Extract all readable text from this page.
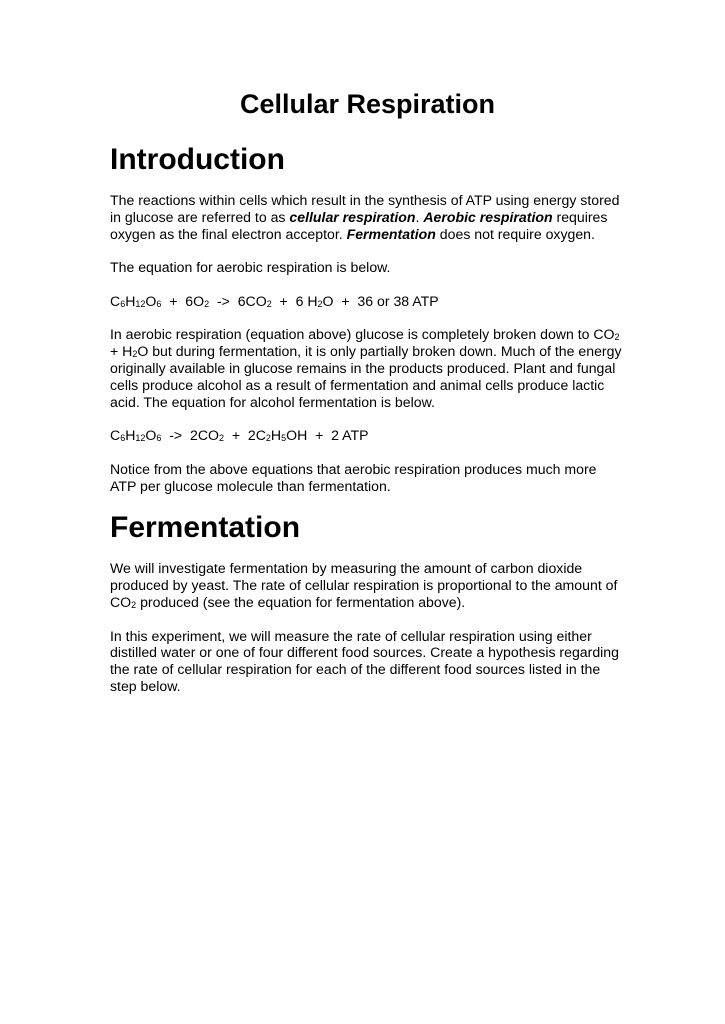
Cellular Respiration
Introduction

The reactions within cells which result in the synthesis of ATP using energy stored in glucose are referred to as cellular respiration. Aerobic respiration requires oxygen as the final electron acceptor. Fermentation does not require oxygen.

The equation for aerobic respiration is below.

$C_6H_{12}O_6 + 6O_2 -> 6CO_2 + 6$ $H_2O + 36$ or 38 ATP

In aerobic respiration (equation above) glucose is completely broken down to $CO_2 + H_2O$ but during fermentation, it is only partially broken down. Much of the energy originally available in glucose remains in the products produced. Plant and fungal cells produce alcohol as a result of fermentation and animal cells produce lactic acid. The equation for alcohol fermentation is below.

$C_6H_{12}O_6 -> 2CO_2 + 2C_2H_5OH + 2$ ATP

Notice from the above equations that aerobic respiration produces much more ATP per glucose molecule than fermentation.

Fermentation

We will investigate fermentation by measuring the amount of carbon dioxide produced by yeast. The rate of cellular respiration is proportional to the amount of $CO_2$ produced (see the equation for fermentation above).

In this experiment, we will measure the rate of cellular respiration using either distilled water or one of four different food sources. Create a hypothesis regarding the rate of cellular respiration for each of the different food sources listed in the step below.
